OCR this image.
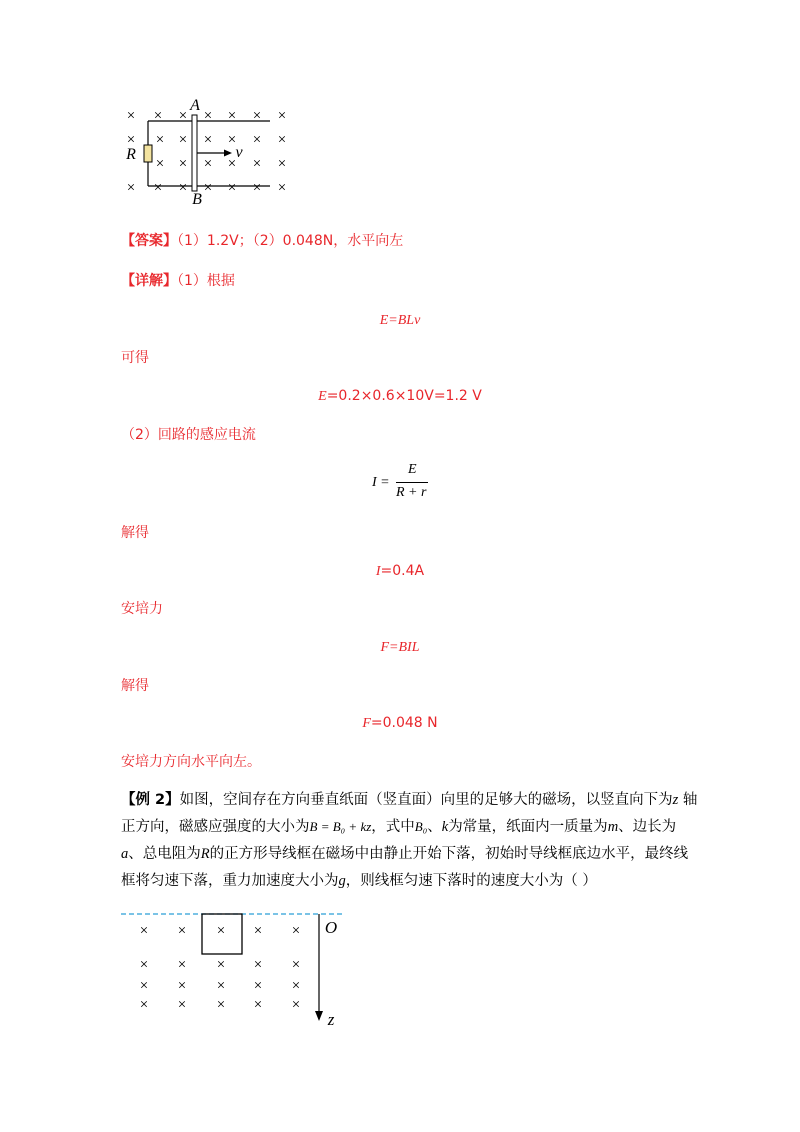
× × × × × × ×
× × × × × × ×
× × × × × ×
× × × × × × ×
A
B
R	v
【答案】（1）1.2V；（2）0.048N，水平向左
【详解】（1）根据
E=BLv
可得
E=0.2×0.6×10V=1.2 V
（2）回路的感应电流
I =
E
R + r
解得
I=0.4A
安培力
F=BIL
解得
F=0.048 N
安培力方向水平向左。
【例 2】如图，空间存在方向垂直纸面（竖直面）向里的足够大的磁场，以竖直向下为z 轴
正方向，磁感应强度的大小为B = B₀ + kz，式中B₀、k为常量，纸面内一质量为m、边长为
a、总电阻为R的正方形导线框在磁场中由静止开始下落，初始时导线框底边水平，最终线
框将匀速下落，重力加速度大小为g，则线框匀速下落时的速度大小为（ ）
× × × × ×
× × × × ×
× × × × ×
× × × × ×
O
z
